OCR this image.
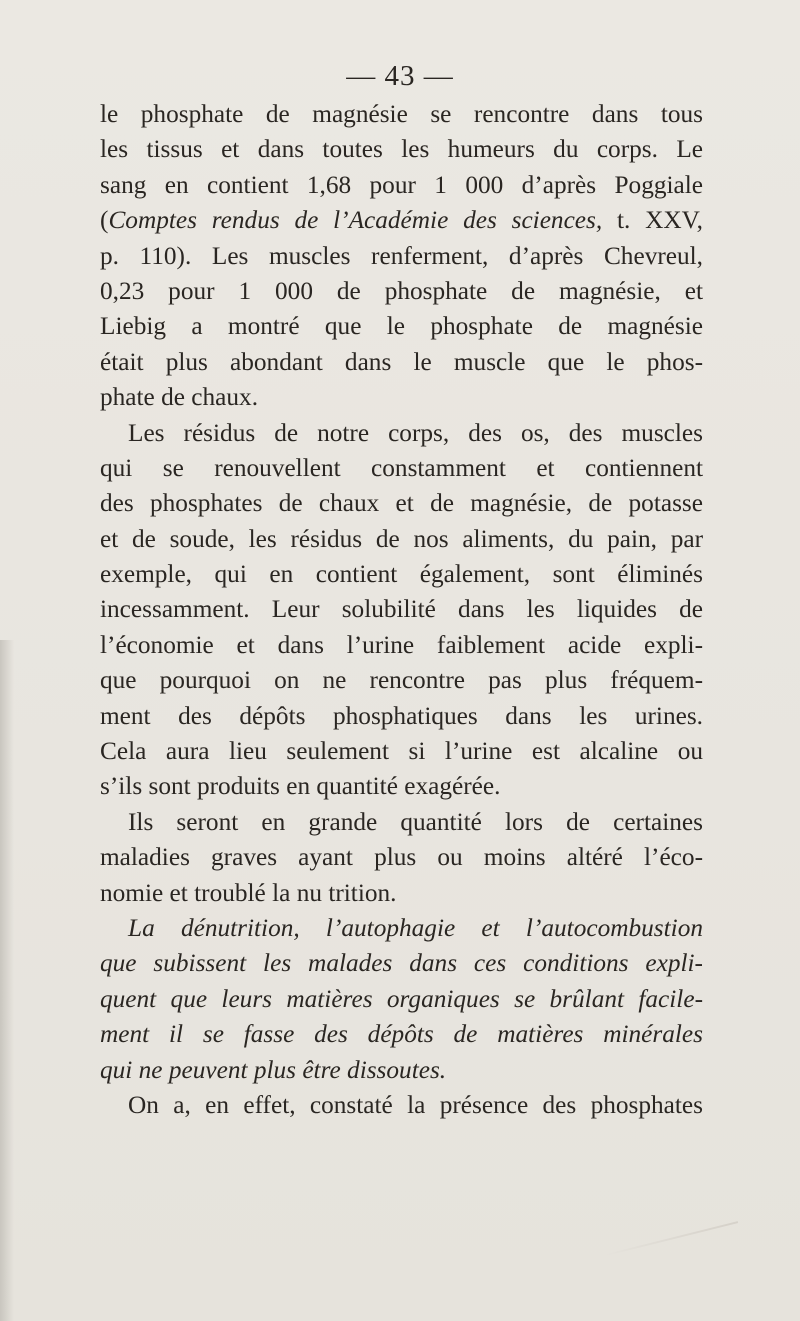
— 43 —
le phosphate de magnésie se rencontre dans tous
les tissus et dans toutes les humeurs du corps. Le
sang en contient 1,68 pour 1 000 d’après Poggiale
(Comptes rendus de l’Académie des sciences, t. XXV,
p. 110). Les muscles renferment, d’après Chevreul,
0,23 pour 1 000 de phosphate de magnésie, et
Liebig a montré que le phosphate de magnésie
était plus abondant dans le muscle que le phos-
phate de chaux.
Les résidus de notre corps, des os, des muscles
qui se renouvellent constamment et contiennent
des phosphates de chaux et de magnésie, de potasse
et de soude, les résidus de nos aliments, du pain, par
exemple, qui en contient également, sont éliminés
incessamment. Leur solubilité dans les liquides de
l’économie et dans l’urine faiblement acide expli-
que pourquoi on ne rencontre pas plus fréquem-
ment des dépôts phosphatiques dans les urines.
Cela aura lieu seulement si l’urine est alcaline ou
s’ils sont produits en quantité exagérée.
Ils seront en grande quantité lors de certaines
maladies graves ayant plus ou moins altéré l’éco-
nomie et troublé la nu trition.
La dénutrition, l’autophagie et l’autocombustion
que subissent les malades dans ces conditions expli-
quent que leurs matières organiques se brûlant facile-
ment il se fasse des dépôts de matières minérales
qui ne peuvent plus être dissoutes.
On a, en effet, constaté la présence des phosphates
